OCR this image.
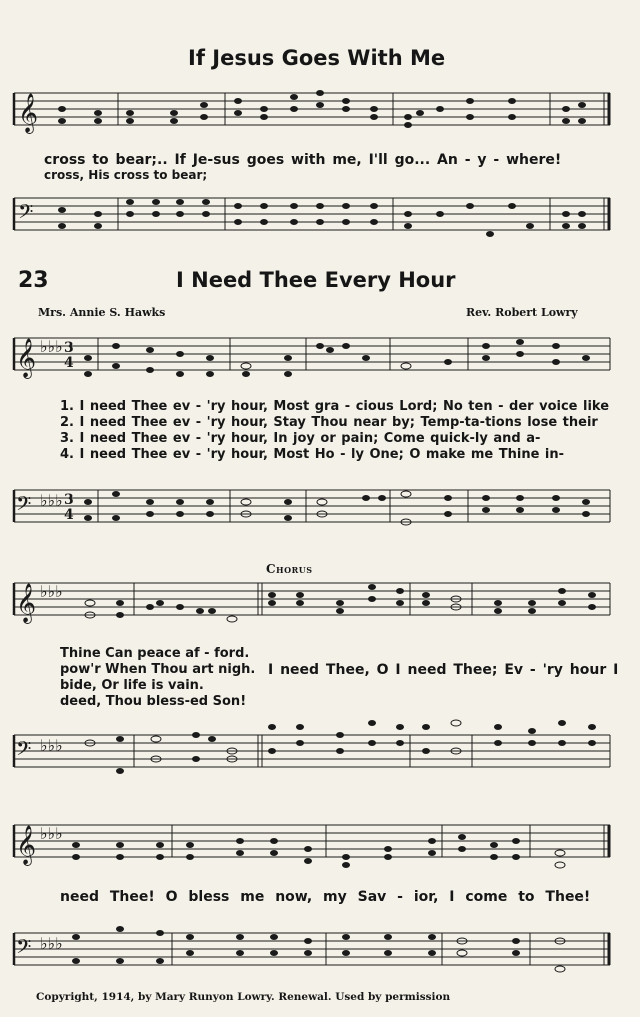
If Jesus Goes With Me
𝄞
cross to bear;.. If Je-sus goes with me, I'll go... An - y - where!
cross, His cross to bear;
𝄢
23	I Need Thee Every Hour
Mrs. Annie S. Hawks	Rev. Robert Lowry
𝄞 ♭♭♭ 3
4
1. I need Thee ev - 'ry hour, Most gra - cious Lord; No ten - der voice like
2. I need Thee ev - 'ry hour, Stay Thou near by; Temp-ta-tions lose their
3. I need Thee ev - 'ry hour, In joy or pain; Come quick-ly and a-
4. I need Thee ev - 'ry hour, Most Ho - ly One; O make me Thine in-
𝄢 ♭♭♭ 3
4
Chorus
𝄞 ♭♭♭
Thine Can peace af - ford.
pow'r When Thou art nigh. I need Thee, O I need Thee; Ev - 'ry hour I
bide, Or life is vain.
deed, Thou bless-ed Son!
𝄢 ♭♭♭
𝄞 ♭♭♭
need Thee! O bless me now, my Sav - ior, I come to Thee!
𝄢 ♭♭♭
Copyright, 1914, by Mary Runyon Lowry. Renewal. Used by permission
